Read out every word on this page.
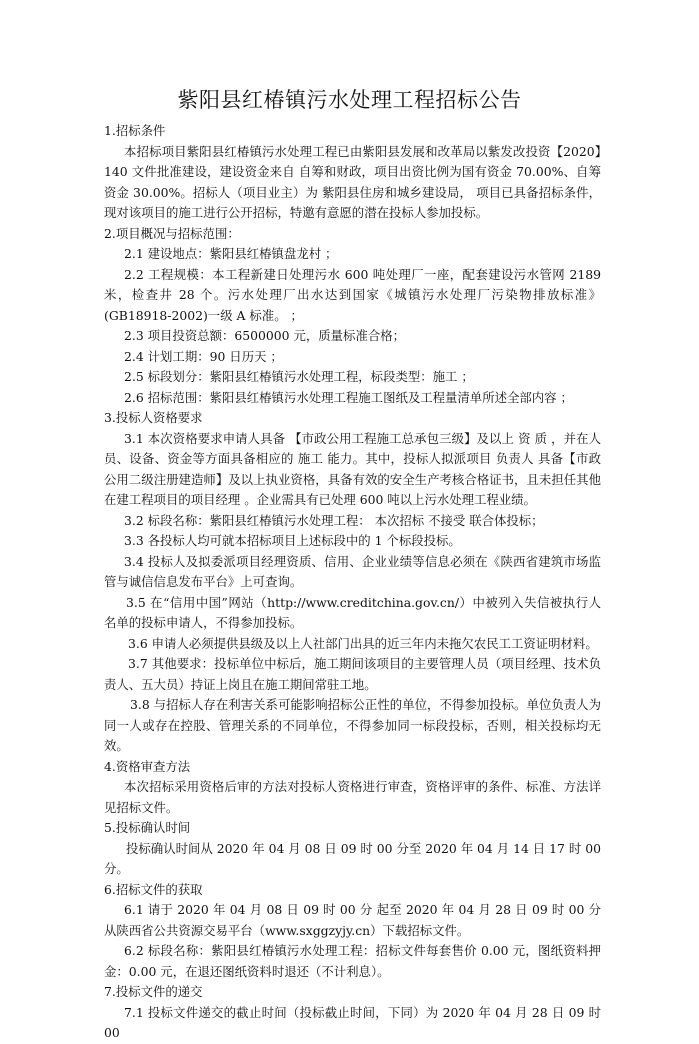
紫阳县红椿镇污水处理工程招标公告

1.招标条件

本招标项目紫阳县红椿镇污水处理工程已由紫阳县发展和改革局以紫发改投资【2020】140 文件批准建设，建设资金来自 自筹和财政，项目出资比例为国有资金 70.00%、自筹资金 30.00%。招标人（项目业主）为 紫阳县住房和城乡建设局， 项目已具备招标条件， 现对该项目的施工进行公开招标，特邀有意愿的潜在投标人参加投标。

2.项目概况与招标范围：

2.1 建设地点：紫阳县红椿镇盘龙村 ；

2.2 工程规模：本工程新建日处理污水 600 吨处理厂一座，配套建设污水管网 2189 米，检查井 28 个。污水处理厂出水达到国家《城镇污水处理厂污染物排放标准》(GB18918-2002)一级 A 标准。 ；

2.3 项目投资总额：6500000 元，质量标准合格；

2.4 计划工期：90 日历天 ；

2.5 标段划分：紫阳县红椿镇污水处理工程，标段类型：施工 ；

2.6 招标范围：紫阳县红椿镇污水处理工程施工图纸及工程量清单所述全部内容 ；

3.投标人资格要求

3.1 本次资格要求申请人具备 【市政公用工程施工总承包三级】及以上 资 质 ，并在人员、设备、资金等方面具备相应的 施工 能力。其中，投标人拟派项目 负责人 具备【市政公用二级注册建造师】及以上执业资格，具备有效的安全生产考核合格证书，且未担任其他在建工程项目的项目经理 。企业需具有已处理 600 吨以上污水处理工程业绩。

3.2 标段名称：紫阳县红椿镇污水处理工程： 本次招标 不接受 联合体投标；

3.3 各投标人均可就本招标项目上述标段中的 1 个标段投标。

3.4 投标人及拟委派项目经理资质、信用、企业业绩等信息必须在《陕西省建筑市场监管与诚信信息发布平台》上可查询。

3.5 在“信用中国”网站（http://www.creditchina.gov.cn/）中被列入失信被执行人名单的投标申请人，不得参加投标。

3.6 申请人必须提供县级及以上人社部门出具的近三年内未拖欠农民工工资证明材料。

3.7 其他要求：投标单位中标后，施工期间该项目的主要管理人员（项目经理、技术负责人、五大员）持证上岗且在施工期间常驻工地。

3.8 与招标人存在利害关系可能影响招标公正性的单位，不得参加投标。单位负责人为同一人或存在控股、管理关系的不同单位，不得参加同一标段投标，否则，相关投标均无效。

4.资格审查方法

本次招标采用资格后审的方法对投标人资格进行审查，资格评审的条件、标准、方法详见招标文件。

5.投标确认时间

投标确认时间从 2020 年 04 月 08 日 09 时 00 分至 2020 年 04 月 14 日 17 时 00 分。

6.招标文件的获取

6.1 请于 2020 年 04 月 08 日 09 时 00 分 起至 2020 年 04 月 28 日 09 时 00 分从陕西省公共资源交易平台（www.sxggzyjy.cn）下载招标文件。

6.2 标段名称：紫阳县红椿镇污水处理工程：招标文件每套售价 0.00 元，图纸资料押金：0.00 元，在退还图纸资料时退还（不计利息）。

7.投标文件的递交

7.1 投标文件递交的截止时间（投标截止时间，下同）为 2020 年 04 月 28 日 09 时 00
